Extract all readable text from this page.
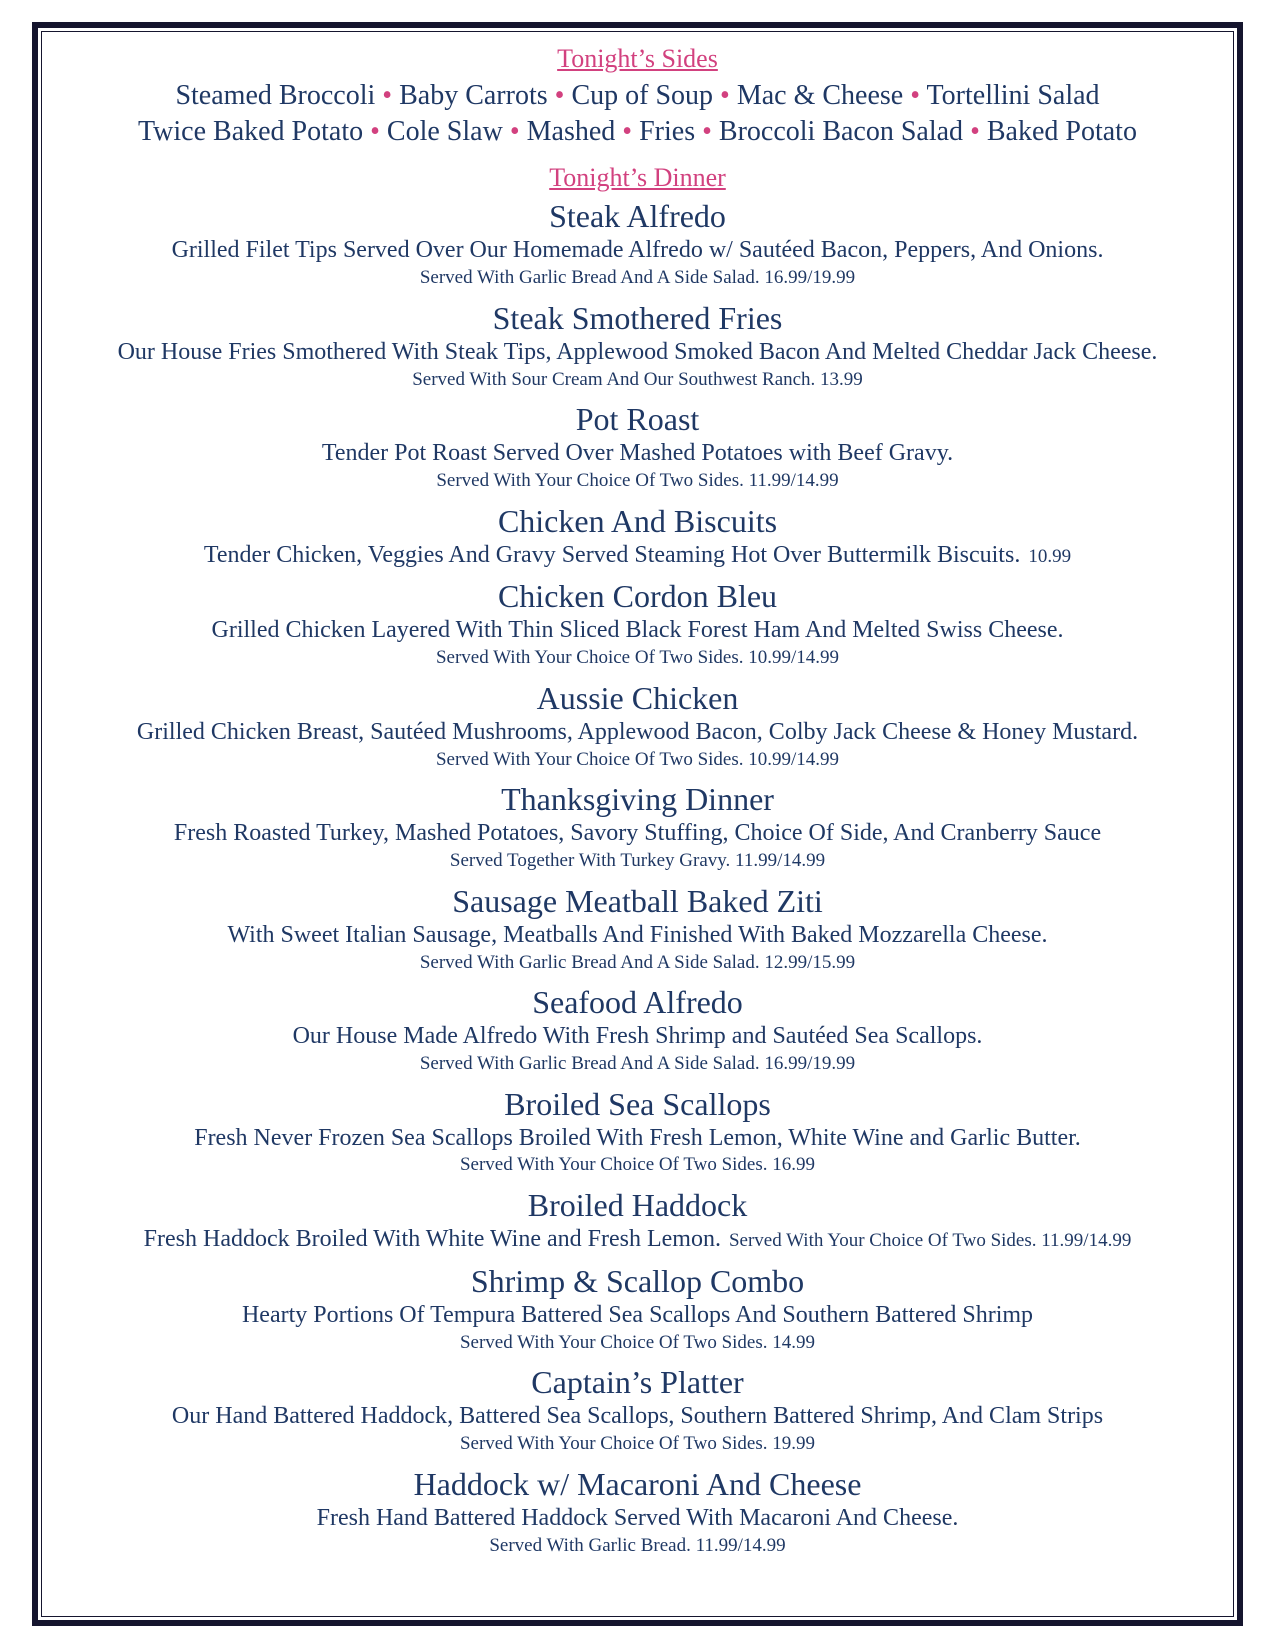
Tonight’s Sides
Steamed Broccoli • Baby Carrots • Cup of Soup • Mac & Cheese • Tortellini Salad
Twice Baked Potato • Cole Slaw • Mashed • Fries • Broccoli Bacon Salad • Baked Potato
Tonight’s Dinner
Steak Alfredo
Grilled Filet Tips Served Over Our Homemade Alfredo w/ Sautéed Bacon, Peppers, And Onions.
Served With Garlic Bread And A Side Salad. 16.99/19.99
Steak Smothered Fries
Our House Fries Smothered With Steak Tips, Applewood Smoked Bacon And Melted Cheddar Jack Cheese.
Served With Sour Cream And Our Southwest Ranch. 13.99
Pot Roast
Tender Pot Roast Served Over Mashed Potatoes with Beef Gravy.
Served With Your Choice Of Two Sides. 11.99/14.99
Chicken And Biscuits
Tender Chicken, Veggies And Gravy Served Steaming Hot Over Buttermilk Biscuits. 10.99
Chicken Cordon Bleu
Grilled Chicken Layered With Thin Sliced Black Forest Ham And Melted Swiss Cheese.
Served With Your Choice Of Two Sides. 10.99/14.99
Aussie Chicken
Grilled Chicken Breast, Sautéed Mushrooms, Applewood Bacon, Colby Jack Cheese & Honey Mustard.
Served With Your Choice Of Two Sides. 10.99/14.99
Thanksgiving Dinner
Fresh Roasted Turkey, Mashed Potatoes, Savory Stuffing, Choice Of Side, And Cranberry Sauce
Served Together With Turkey Gravy. 11.99/14.99
Sausage Meatball Baked Ziti
With Sweet Italian Sausage, Meatballs And Finished With Baked Mozzarella Cheese.
Served With Garlic Bread And A Side Salad. 12.99/15.99
Seafood Alfredo
Our House Made Alfredo With Fresh Shrimp and Sautéed Sea Scallops.
Served With Garlic Bread And A Side Salad. 16.99/19.99
Broiled Sea Scallops
Fresh Never Frozen Sea Scallops Broiled With Fresh Lemon, White Wine and Garlic Butter.
Served With Your Choice Of Two Sides. 16.99
Broiled Haddock
Fresh Haddock Broiled With White Wine and Fresh Lemon. Served With Your Choice Of Two Sides. 11.99/14.99
Shrimp & Scallop Combo
Hearty Portions Of Tempura Battered Sea Scallops And Southern Battered Shrimp
Served With Your Choice Of Two Sides. 14.99
Captain’s Platter
Our Hand Battered Haddock, Battered Sea Scallops, Southern Battered Shrimp, And Clam Strips
Served With Your Choice Of Two Sides. 19.99
Haddock w/ Macaroni And Cheese
Fresh Hand Battered Haddock Served With Macaroni And Cheese.
Served With Garlic Bread. 11.99/14.99
